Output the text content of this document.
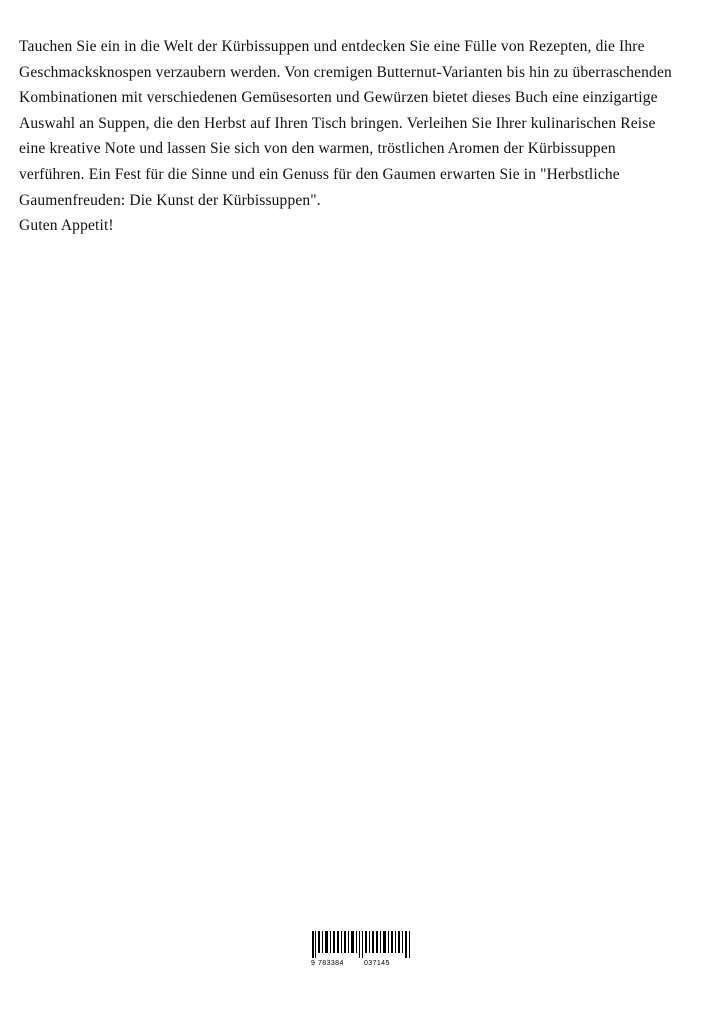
Tauchen Sie ein in die Welt der Kürbissuppen und entdecken Sie eine Fülle von Rezepten, die Ihre Geschmacksknospen verzaubern werden. Von cremigen Butternut-Varianten bis hin zu überraschenden Kombinationen mit verschiedenen Gemüsesorten und Gewürzen bietet dieses Buch eine einzigartige Auswahl an Suppen, die den Herbst auf Ihren Tisch bringen. Verleihen Sie Ihrer kulinarischen Reise eine kreative Note und lassen Sie sich von den warmen, tröstlichen Aromen der Kürbissuppen verführen. Ein Fest für die Sinne und ein Genuss für den Gaumen erwarten Sie in "Herbstliche Gaumenfreuden: Die Kunst der Kürbissuppen".

Guten Appetit!

9 783384	037145
